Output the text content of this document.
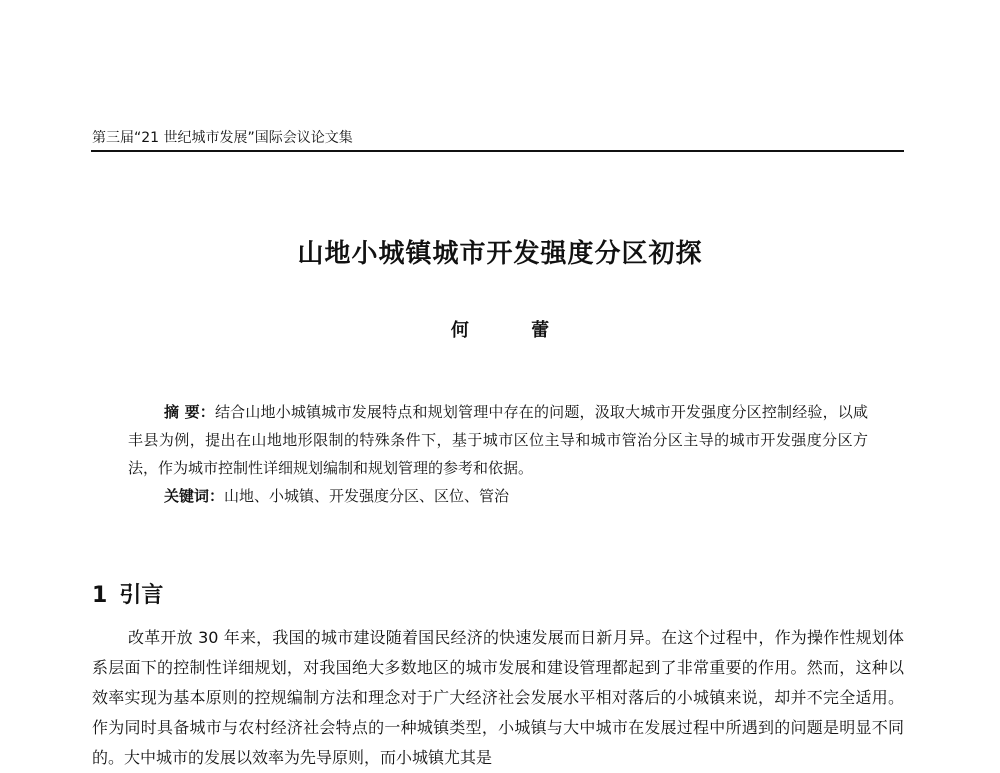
第三届“21 世纪城市发展”国际会议论文集
山地小城镇城市开发强度分区初探
何 蕾
摘 要：结合山地小城镇城市发展特点和规划管理中存在的问题，汲取大城市开发强度分区控制经验，以咸丰县为例，提出在山地地形限制的特殊条件下，基于城市区位主导和城市管治分区主导的城市开发强度分区方法，作为城市控制性详细规划编制和规划管理的参考和依据。
关键词：山地、小城镇、开发强度分区、区位、管治
1 引言
改革开放 30 年来，我国的城市建设随着国民经济的快速发展而日新月异。在这个过程中，作为操作性规划体系层面下的控制性详细规划，对我国绝大多数地区的城市发展和建设管理都起到了非常重要的作用。然而，这种以效率实现为基本原则的控规编制方法和理念对于广大经济社会发展水平相对落后的小城镇来说，却并不完全适用。作为同时具备城市与农村经济社会特点的一种城镇类型，小城镇与大中城市在发展过程中所遇到的问题是明显不同的。大中城市的发展以效率为先导原则，而小城镇尤其是
